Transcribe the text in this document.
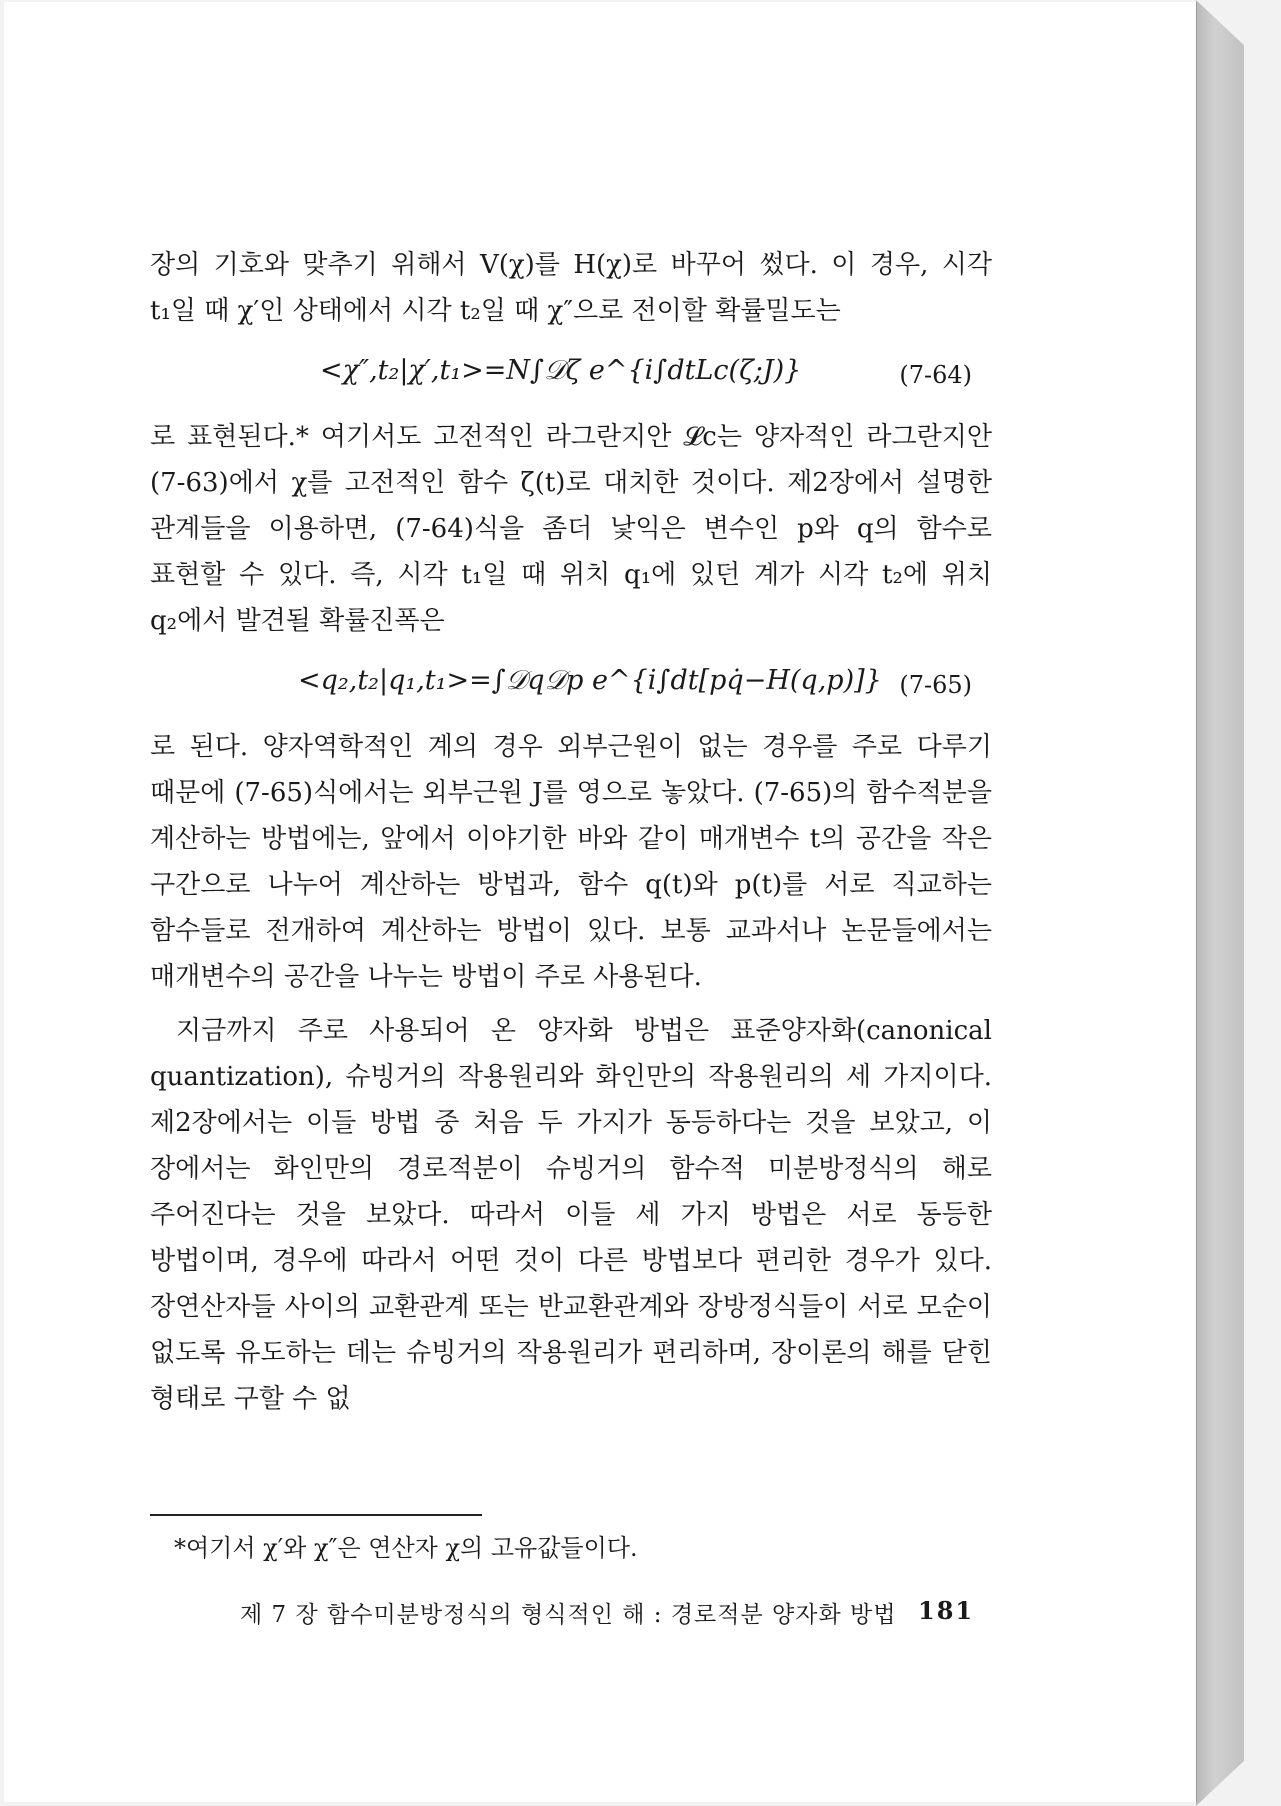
장의 기호와 맞추기 위해서 V(χ)를 H(χ)로 바꾸어 썼다. 이 경우, 시각 t₁일 때 χ′인 상태에서 시각 t₂일 때 χ″으로 전이할 확률밀도는

<χ″,t₂|χ′,t₁>=N∫𝒟ζ e^{i∫dtLc(ζ;J)}	(7-64)

로 표현된다.* 여기서도 고전적인 라그란지안 𝓛c는 양자적인 라그란지안 (7-63)에서 χ를 고전적인 함수 ζ(t)로 대치한 것이다. 제2장에서 설명한 관계들을 이용하면, (7-64)식을 좀더 낯익은 변수인 p와 q의 함수로 표현할 수 있다. 즉, 시각 t₁일 때 위치 q₁에 있던 계가 시각 t₂에 위치 q₂에서 발견될 확률진폭은

<q₂,t₂|q₁,t₁>=∫𝒟q𝒟p e^{i∫dt[pq̇−H(q,p)]} (7-65)

로 된다. 양자역학적인 계의 경우 외부근원이 없는 경우를 주로 다루기 때문에 (7-65)식에서는 외부근원 J를 영으로 놓았다. (7-65)의 함수적분을 계산하는 방법에는, 앞에서 이야기한 바와 같이 매개변수 t의 공간을 작은 구간으로 나누어 계산하는 방법과, 함수 q(t)와 p(t)를 서로 직교하는 함수들로 전개하여 계산하는 방법이 있다. 보통 교과서나 논문들에서는 매개변수의 공간을 나누는 방법이 주로 사용된다.

지금까지 주로 사용되어 온 양자화 방법은 표준양자화(canonical quantization), 슈빙거의 작용원리와 화인만의 작용원리의 세 가지이다. 제2장에서는 이들 방법 중 처음 두 가지가 동등하다는 것을 보았고, 이 장에서는 화인만의 경로적분이 슈빙거의 함수적 미분방정식의 해로 주어진다는 것을 보았다. 따라서 이들 세 가지 방법은 서로 동등한 방법이며, 경우에 따라서 어떤 것이 다른 방법보다 편리한 경우가 있다. 장연산자들 사이의 교환관계 또는 반교환관계와 장방정식들이 서로 모순이 없도록 유도하는 데는 슈빙거의 작용원리가 편리하며, 장이론의 해를 닫힌 형태로 구할 수 없

*여기서 χ′와 χ″은 연산자 χ의 고유값들이다.
제 7 장 함수미분방정식의 형식적인 해 : 경로적분 양자화 방법 181
